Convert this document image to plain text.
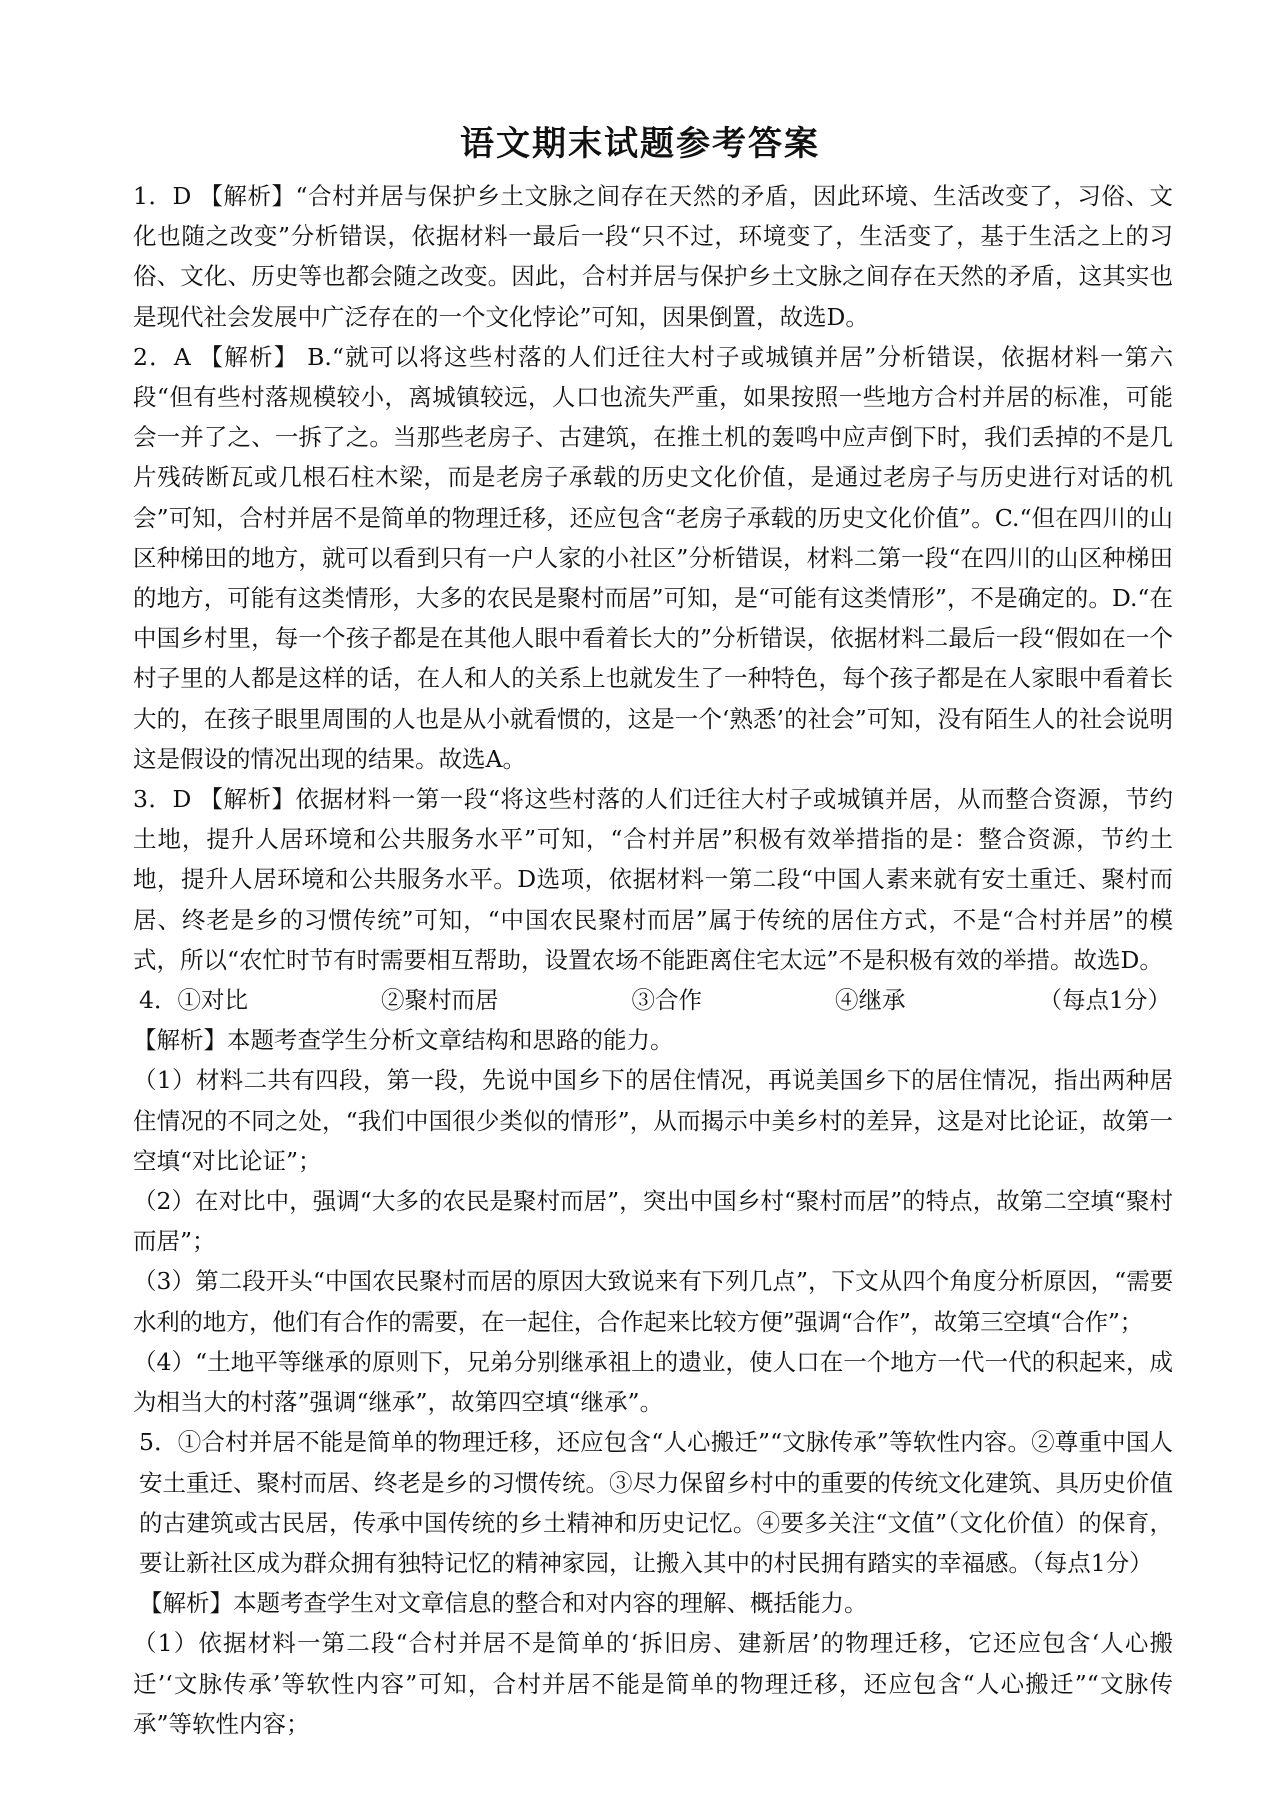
语文期末试题参考答案

1．D 【解析】“合村并居与保护乡土文脉之间存在天然的矛盾，因此环境、生活改变了，习俗、文化也随之改变”分析错误，依据材料一最后一段“只不过，环境变了，生活变了，基于生活之上的习俗、文化、历史等也都会随之改变。因此，合村并居与保护乡土文脉之间存在天然的矛盾，这其实也是现代社会发展中广泛存在的一个文化悖论”可知，因果倒置，故选D。

2．A 【解析】 B.“就可以将这些村落的人们迁往大村子或城镇并居”分析错误，依据材料一第六段“但有些村落规模较小，离城镇较远，人口也流失严重，如果按照一些地方合村并居的标准，可能会一并了之、一拆了之。当那些老房子、古建筑，在推土机的轰鸣中应声倒下时，我们丢掉的不是几片残砖断瓦或几根石柱木梁，而是老房子承载的历史文化价值，是通过老房子与历史进行对话的机会”可知，合村并居不是简单的物理迁移，还应包含“老房子承载的历史文化价值”。C.“但在四川的山区种梯田的地方，就可以看到只有一户人家的小社区”分析错误，材料二第一段“在四川的山区种梯田的地方，可能有这类情形，大多的农民是聚村而居”可知，是“可能有这类情形”，不是确定的。D.“在中国乡村里，每一个孩子都是在其他人眼中看着长大的”分析错误，依据材料二最后一段“假如在一个村子里的人都是这样的话，在人和人的关系上也就发生了一种特色，每个孩子都是在人家眼中看着长大的，在孩子眼里周围的人也是从小就看惯的，这是一个‘熟悉’的社会”可知，没有陌生人的社会说明这是假设的情况出现的结果。故选A。

3．D 【解析】依据材料一第一段“将这些村落的人们迁往大村子或城镇并居，从而整合资源，节约土地，提升人居环境和公共服务水平”可知，“合村并居”积极有效举措指的是：整合资源，节约土地，提升人居环境和公共服务水平。D选项，依据材料一第二段“中国人素来就有安土重迁、聚村而居、终老是乡的习惯传统”可知，“中国农民聚村而居”属于传统的居住方式，不是“合村并居”的模式，所以“农忙时节有时需要相互帮助，设置农场不能距离住宅太远”不是积极有效的举措。故选D。

4．①对比	②聚村而居	③合作	④继承	（每点1分）

【解析】本题考查学生分析文章结构和思路的能力。

（1）材料二共有四段，第一段，先说中国乡下的居住情况，再说美国乡下的居住情况，指出两种居住情况的不同之处，“我们中国很少类似的情形”，从而揭示中美乡村的差异，这是对比论证，故第一空填“对比论证”；

（2）在对比中，强调“大多的农民是聚村而居”，突出中国乡村“聚村而居”的特点，故第二空填“聚村而居”；

（3）第二段开头“中国农民聚村而居的原因大致说来有下列几点”，下文从四个角度分析原因，“需要水利的地方，他们有合作的需要，在一起住，合作起来比较方便”强调“合作”，故第三空填“合作”；

（4）“土地平等继承的原则下，兄弟分别继承祖上的遗业，使人口在一个地方一代一代的积起来，成为相当大的村落”强调“继承”，故第四空填“继承”。

5．①合村并居不能是简单的物理迁移，还应包含“人心搬迁”“文脉传承”等软性内容。②尊重中国人安土重迁、聚村而居、终老是乡的习惯传统。③尽力保留乡村中的重要的传统文化建筑、具历史价值的古建筑或古民居，传承中国传统的乡土精神和历史记忆。④要多关注“文值”（文化价值）的保育，要让新社区成为群众拥有独特记忆的精神家园，让搬入其中的村民拥有踏实的幸福感。（每点1分）

【解析】本题考查学生对文章信息的整合和对内容的理解、概括能力。

（1）依据材料一第二段“合村并居不是简单的‘拆旧房、建新居’的物理迁移，它还应包含‘人心搬迁’‘文脉传承’等软性内容”可知，合村并居不能是简单的物理迁移，还应包含“人心搬迁”“文脉传承”等软性内容；
